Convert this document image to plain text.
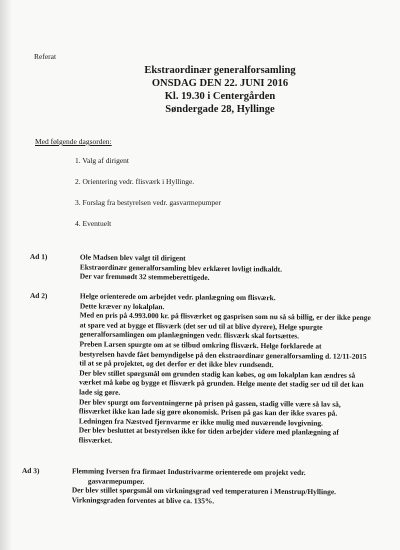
Referat
Ekstraordinær generalforsamling
ONSDAG DEN 22. JUNI 2016
Kl. 19.30 i Centergården
Søndergade 28, Hyllinge
Med følgende dagsorden:
1. Valg af dirigent
2. Orientering vedr. flisværk i Hyllinge.
3. Forslag fra bestyrelsen vedr. gasvarmepumper
4. Eventuelt
Ad 1)	Ole Madsen blev valgt til dirigent
Ekstraordinær generalforsamling blev erklæret lovligt indkaldt.
Der var fremmødt 32 stemmeberettigede.
Ad 2)	Helge orienterede om arbejdet vedr. planlægning om flisværk.
Dette kræver ny lokalplan.
Med en pris på 4.993.000 kr. på flisværket og gasprisen som nu så så billig, er der ikke penge
at spare ved at bygge et flisværk (det ser ud til at blive dyrere), Helge spurgte
generalforsamlingen om planlægningen vedr. flisværk skal fortsættes.
Preben Larsen spurgte om at se tilbud omkring flisværk. Helge forklarede at
bestyrelsen havde fået bemyndigelse på den ekstraordinær generalforsamling d. 12/11-2015
til at se på projektet, og det derfor er det ikke blev rundsendt.
Der blev stillet spørgsmål om grunden stadig kan købes, og om lokalplan kan ændres så
værket må købe og bygge et flisværk på grunden. Helge mente det stadig ser ud til det kan
lade sig gøre.
Der blev spurgt om forventningerne på prisen på gassen, stadig ville være så lav så,
flisværket ikke kan lade sig gøre økonomisk. Prisen på gas kan der ikke svares på.
Ledningen fra Næstved fjernvarme er ikke mulig med nuværende lovgivning.
Der blev besluttet at bestyrelsen ikke for tiden arbejder videre med planlægning af
flisværket.
Ad 3)	Flemming Iversen fra firmaet Industrivarme orienterede om projekt vedr.
gasvarmepumper.
Der blev stillet spørgsmål om virkningsgrad ved temperaturen i Menstrup/Hyllinge.
Virkningsgraden forventes at blive ca. 135%.
